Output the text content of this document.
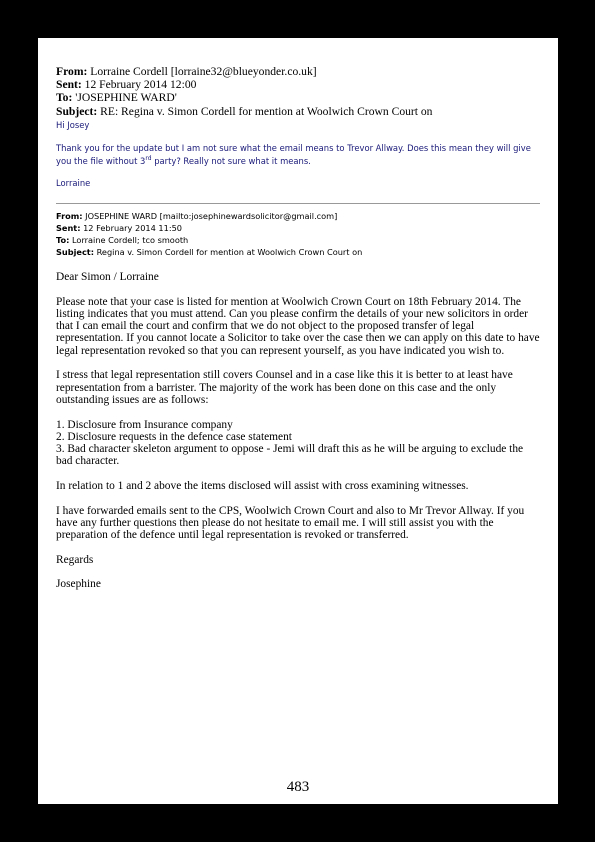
From: Lorraine Cordell [lorraine32@blueyonder.co.uk]
Sent: 12 February 2014 12:00
To: 'JOSEPHINE WARD'
Subject: RE: Regina v. Simon Cordell for mention at Woolwich Crown Court on
Hi Josey
Thank you for the update but I am not sure what the email means to Trevor Allway. Does this mean they will give you the file without 3rd party? Really not sure what it means.
Lorraine
From: JOSEPHINE WARD [mailto:josephinewardsolicitor@gmail.com]
Sent: 12 February 2014 11:50
To: Lorraine Cordell; tco smooth
Subject: Regina v. Simon Cordell for mention at Woolwich Crown Court on

Dear Simon / Lorraine

Please note that your case is listed for mention at Woolwich Crown Court on 18th February 2014. The listing indicates that you must attend. Can you please confirm the details of your new solicitors in order that I can email the court and confirm that we do not object to the proposed transfer of legal representation. If you cannot locate a Solicitor to take over the case then we can apply on this date to have legal representation revoked so that you can represent yourself, as you have indicated you wish to.

I stress that legal representation still covers Counsel and in a case like this it is better to at least have representation from a barrister. The majority of the work has been done on this case and the only outstanding issues are as follows:

1. Disclosure from Insurance company
2. Disclosure requests in the defence case statement
3. Bad character skeleton argument to oppose - Jemi will draft this as he will be arguing to exclude the bad character.

In relation to 1 and 2 above the items disclosed will assist with cross examining witnesses.

I have forwarded emails sent to the CPS, Woolwich Crown Court and also to Mr Trevor Allway. If you have any further questions then please do not hesitate to email me. I will still assist you with the preparation of the defence until legal representation is revoked or transferred.

Regards

Josephine

483
